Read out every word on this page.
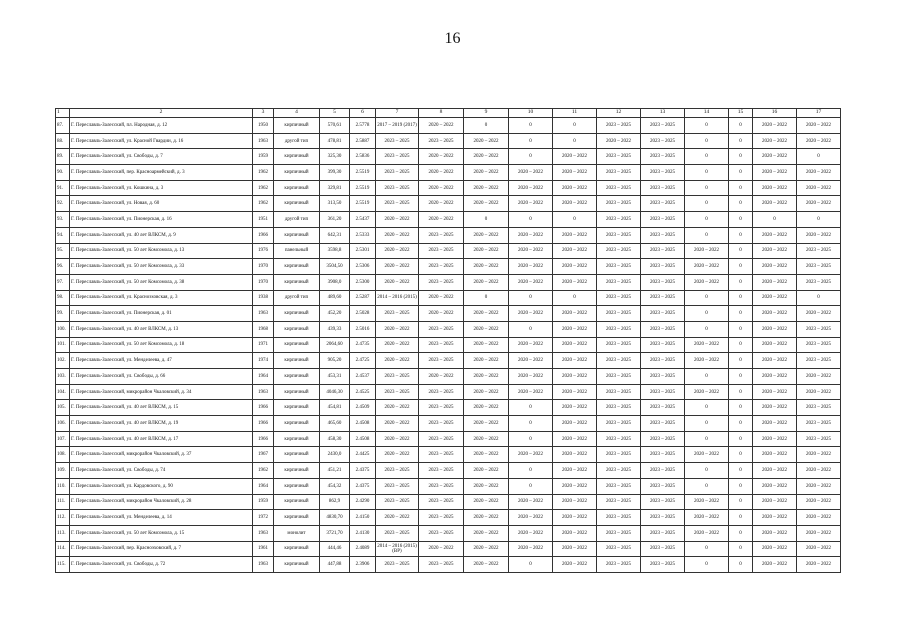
16
1	2	3	4	5	6	7	8	9	10	11	12	13	14	15	16	17
87.	Г. Переславль-Залесский, пл. Народная, д. 12	1950	кирпичный	570,61	2.5778	2017 – 2019 (2017)	2020 – 2022	0	0	0	2023 – 2025	2023 – 2025	0	0	2020 – 2022	2020 – 2022
88.	Г. Переславль-Залесский, ул. Красной Гвардии, д. 16	1963	другой тип	478,81	2.5887	2023 – 2025	2023 – 2025	2020 – 2022	0	0	2020 – 2022	2023 – 2025	0	0	2020 – 2022	2020 – 2022
89.	Г. Переславль-Залесский, ул. Свободы, д. 7	1959	кирпичный	325,30	2.5836	2023 – 2025	2020 – 2022	2020 – 2022	0	2020 – 2022	2023 – 2025	2023 – 2025	0	0	2020 – 2022	0
90.	Г. Переславль-Залесский, пер. Красноармейский, д. 3	1962	кирпичный	399,30	2.5519	2023 – 2025	2020 – 2022	2020 – 2022	2020 – 2022	2020 – 2022	2023 – 2025	2023 – 2025	0	0	2020 – 2022	2020 – 2022
91.	Г. Переславль-Залесский, ул. Кошкина, д. 3	1962	кирпичный	329,81	2.5519	2023 – 2025	2020 – 2022	2020 – 2022	2020 – 2022	2020 – 2022	2023 – 2025	2023 – 2025	0	0	2020 – 2022	2020 – 2022
92.	Г. Переславль-Залесский, ул. Новая, д. 60	1962	кирпичный	313,50	2.5519	2023 – 2025	2020 – 2022	2020 – 2022	2020 – 2022	2020 – 2022	2023 – 2025	2023 – 2025	0	0	2020 – 2022	2020 – 2022
93.	Г. Переславль-Залесский, ул. Пионерская, д. 16	1951	другой тип	361,20	2.5437	2020 – 2022	2020 – 2022	0	0	0	2023 – 2025	2023 – 2025	0	0	0	0
94.	Г. Переславль-Залесский, ул. 40 лет ВЛКСМ, д. 9	1966	кирпичный	642,31	2.5333	2020 – 2022	2023 – 2025	2020 – 2022	2020 – 2022	2020 – 2022	2023 – 2025	2023 – 2025	0	0	2020 – 2022	2020 – 2022
95.	Г. Переславль-Залесский, ул. 50 лет Комсомола, д. 13	1976	панельный	3598,8	2.5301	2020 – 2022	2023 – 2025	2020 – 2022	2020 – 2022	2020 – 2022	2023 – 2025	2023 – 2025	2020 – 2022	0	2020 – 2022	2023 – 2025
96.	Г. Переславль-Залесский, ул. 50 лет Комсомола, д. 33	1970	кирпичный	3504,50	2.5306	2020 – 2022	2023 – 2025	2020 – 2022	2020 – 2022	2020 – 2022	2023 – 2025	2023 – 2025	2020 – 2022	0	2020 – 2022	2023 – 2025
97.	Г. Переславль-Залесский, ул. 50 лет Комсомола, д. 38	1970	кирпичный	3908,0	2.5300	2020 – 2022	2023 – 2025	2020 – 2022	2020 – 2022	2020 – 2022	2023 – 2025	2023 – 2025	2020 – 2022	0	2020 – 2022	2023 – 2025
98.	Г. Переславль-Залесский, ул. Красноэховская, д. 3	1938	другой тип	489,60	2.5287	2014 – 2016 (2015)	2020 – 2022	0	0	0	2023 – 2025	2023 – 2025	0	0	2020 – 2022	0
99.	Г. Переславль-Залесский, ул. Пионерская, д. 01	1963	кирпичный	452,20	2.5028	2023 – 2025	2020 – 2022	2020 – 2022	2020 – 2022	2020 – 2022	2023 – 2025	2023 – 2025	0	0	2020 – 2022	2020 – 2022
100.	Г. Переславль-Залесский, ул. 40 лет ВЛКСМ, д. 13	1968	кирпичный	439,33	2.5016	2020 – 2022	2023 – 2025	2020 – 2022	0	2020 – 2022	2023 – 2025	2023 – 2025	0	0	2020 – 2022	2023 – 2025
101.	Г. Переславль-Залесский, ул. 50 лет Комсомола, д. 18	1971	кирпичный	2064,60	2.4735	2020 – 2022	2023 – 2025	2020 – 2022	2020 – 2022	2020 – 2022	2023 – 2025	2023 – 2025	2020 – 2022	0	2020 – 2022	2023 – 2025
102.	Г. Переславль-Залесский, ул. Менделеева, д. 47	1974	кирпичный	905,20	2.4725	2020 – 2022	2023 – 2025	2020 – 2022	2020 – 2022	2020 – 2022	2023 – 2025	2023 – 2025	2020 – 2022	0	2020 – 2022	2023 – 2025
103.	Г. Переславль-Залесский, ул. Свободы, д. 66	1964	кирпичный	453,31	2.4537	2023 – 2025	2020 – 2022	2020 – 2022	2020 – 2022	2020 – 2022	2023 – 2025	2023 – 2025	0	0	2020 – 2022	2020 – 2022
104.	Г. Переславль-Залесский, микрорайон Чкаловский, д. 34	1963	кирпичный	4046,30	2.4525	2023 – 2025	2023 – 2025	2020 – 2022	2020 – 2022	2020 – 2022	2023 – 2025	2023 – 2025	2020 – 2022	0	2020 – 2022	2020 – 2022
105.	Г. Переславль-Залесский, ул. 40 лет ВЛКСМ, д. 15	1966	кирпичный	454,81	2.4509	2020 – 2022	2023 – 2025	2020 – 2022	0	2020 – 2022	2023 – 2025	2023 – 2025	0	0	2020 – 2022	2023 – 2025
106.	Г. Переславль-Залесский, ул. 40 лет ВЛКСМ, д. 19	1966	кирпичный	465,60	2.4508	2020 – 2022	2023 – 2025	2020 – 2022	0	2020 – 2022	2023 – 2025	2023 – 2025	0	0	2020 – 2022	2023 – 2025
107.	Г. Переславль-Залесский, ул. 40 лет ВЛКСМ, д. 17	1966	кирпичный	458,30	2.4508	2020 – 2022	2023 – 2025	2020 – 2022	0	2020 – 2022	2023 – 2025	2023 – 2025	0	0	2020 – 2022	2023 – 2025
108.	Г. Переславль-Залесский, микрорайон Чкаловский, д. 37	1967	кирпичный	2430,0	2.4425	2020 – 2022	2023 – 2025	2020 – 2022	2020 – 2022	2020 – 2022	2023 – 2025	2023 – 2025	2020 – 2022	0	2020 – 2022	2020 – 2022
109.	Г. Переславль-Залесский, ул. Свободы, д. 74	1962	кирпичный	451,21	2.4375	2023 – 2025	2023 – 2025	2020 – 2022	0	2020 – 2022	2023 – 2025	2023 – 2025	0	0	2020 – 2022	2020 – 2022
110.	Г. Переславль-Залесский, ул. Кардовского, д. 90	1964	кирпичный	454,32	2.4375	2023 – 2025	2023 – 2025	2020 – 2022	0	2020 – 2022	2023 – 2025	2023 – 2025	0	0	2020 – 2022	2020 – 2022
111.	Г. Переславль-Залесский, микрорайон Чкаловский, д. 28	1959	кирпичный	862,9	2.4290	2023 – 2025	2023 – 2025	2020 – 2022	2020 – 2022	2020 – 2022	2023 – 2025	2023 – 2025	2020 – 2022	0	2020 – 2022	2020 – 2022
112.	Г. Переславль-Залесский, ул. Менделеева, д. 14	1972	кирпичный	4830,70	2.4150	2020 – 2022	2023 – 2025	2020 – 2022	2020 – 2022	2020 – 2022	2023 – 2025	2023 – 2025	2020 – 2022	0	2020 – 2022	2020 – 2022
113.	Г. Переславль-Залесский, ул. 50 лет Комсомола, д. 15	1963	монолит	3721,70	2.4130	2023 – 2025	2023 – 2025	2020 – 2022	2020 – 2022	2020 – 2022	2023 – 2025	2023 – 2025	2020 – 2022	0	2020 – 2022	2020 – 2022
114.	Г. Переславль-Залесский, пер. Красноэховский, д. 7	1961	кирпичный	444,46	2.4089	2014 – 2016 (2015) (ВР)	2020 – 2022	2020 – 2022	2020 – 2022	2020 – 2022	2023 – 2025	2023 – 2025	0	0	2020 – 2022	2020 – 2022
115.	Г. Переславль-Залесский, ул. Свободы, д. 72	1963	кирпичный	447,88	2.3906	2023 – 2025	2023 – 2025	2020 – 2022	0	2020 – 2022	2023 – 2025	2023 – 2025	0	0	2020 – 2022	2020 – 2022
